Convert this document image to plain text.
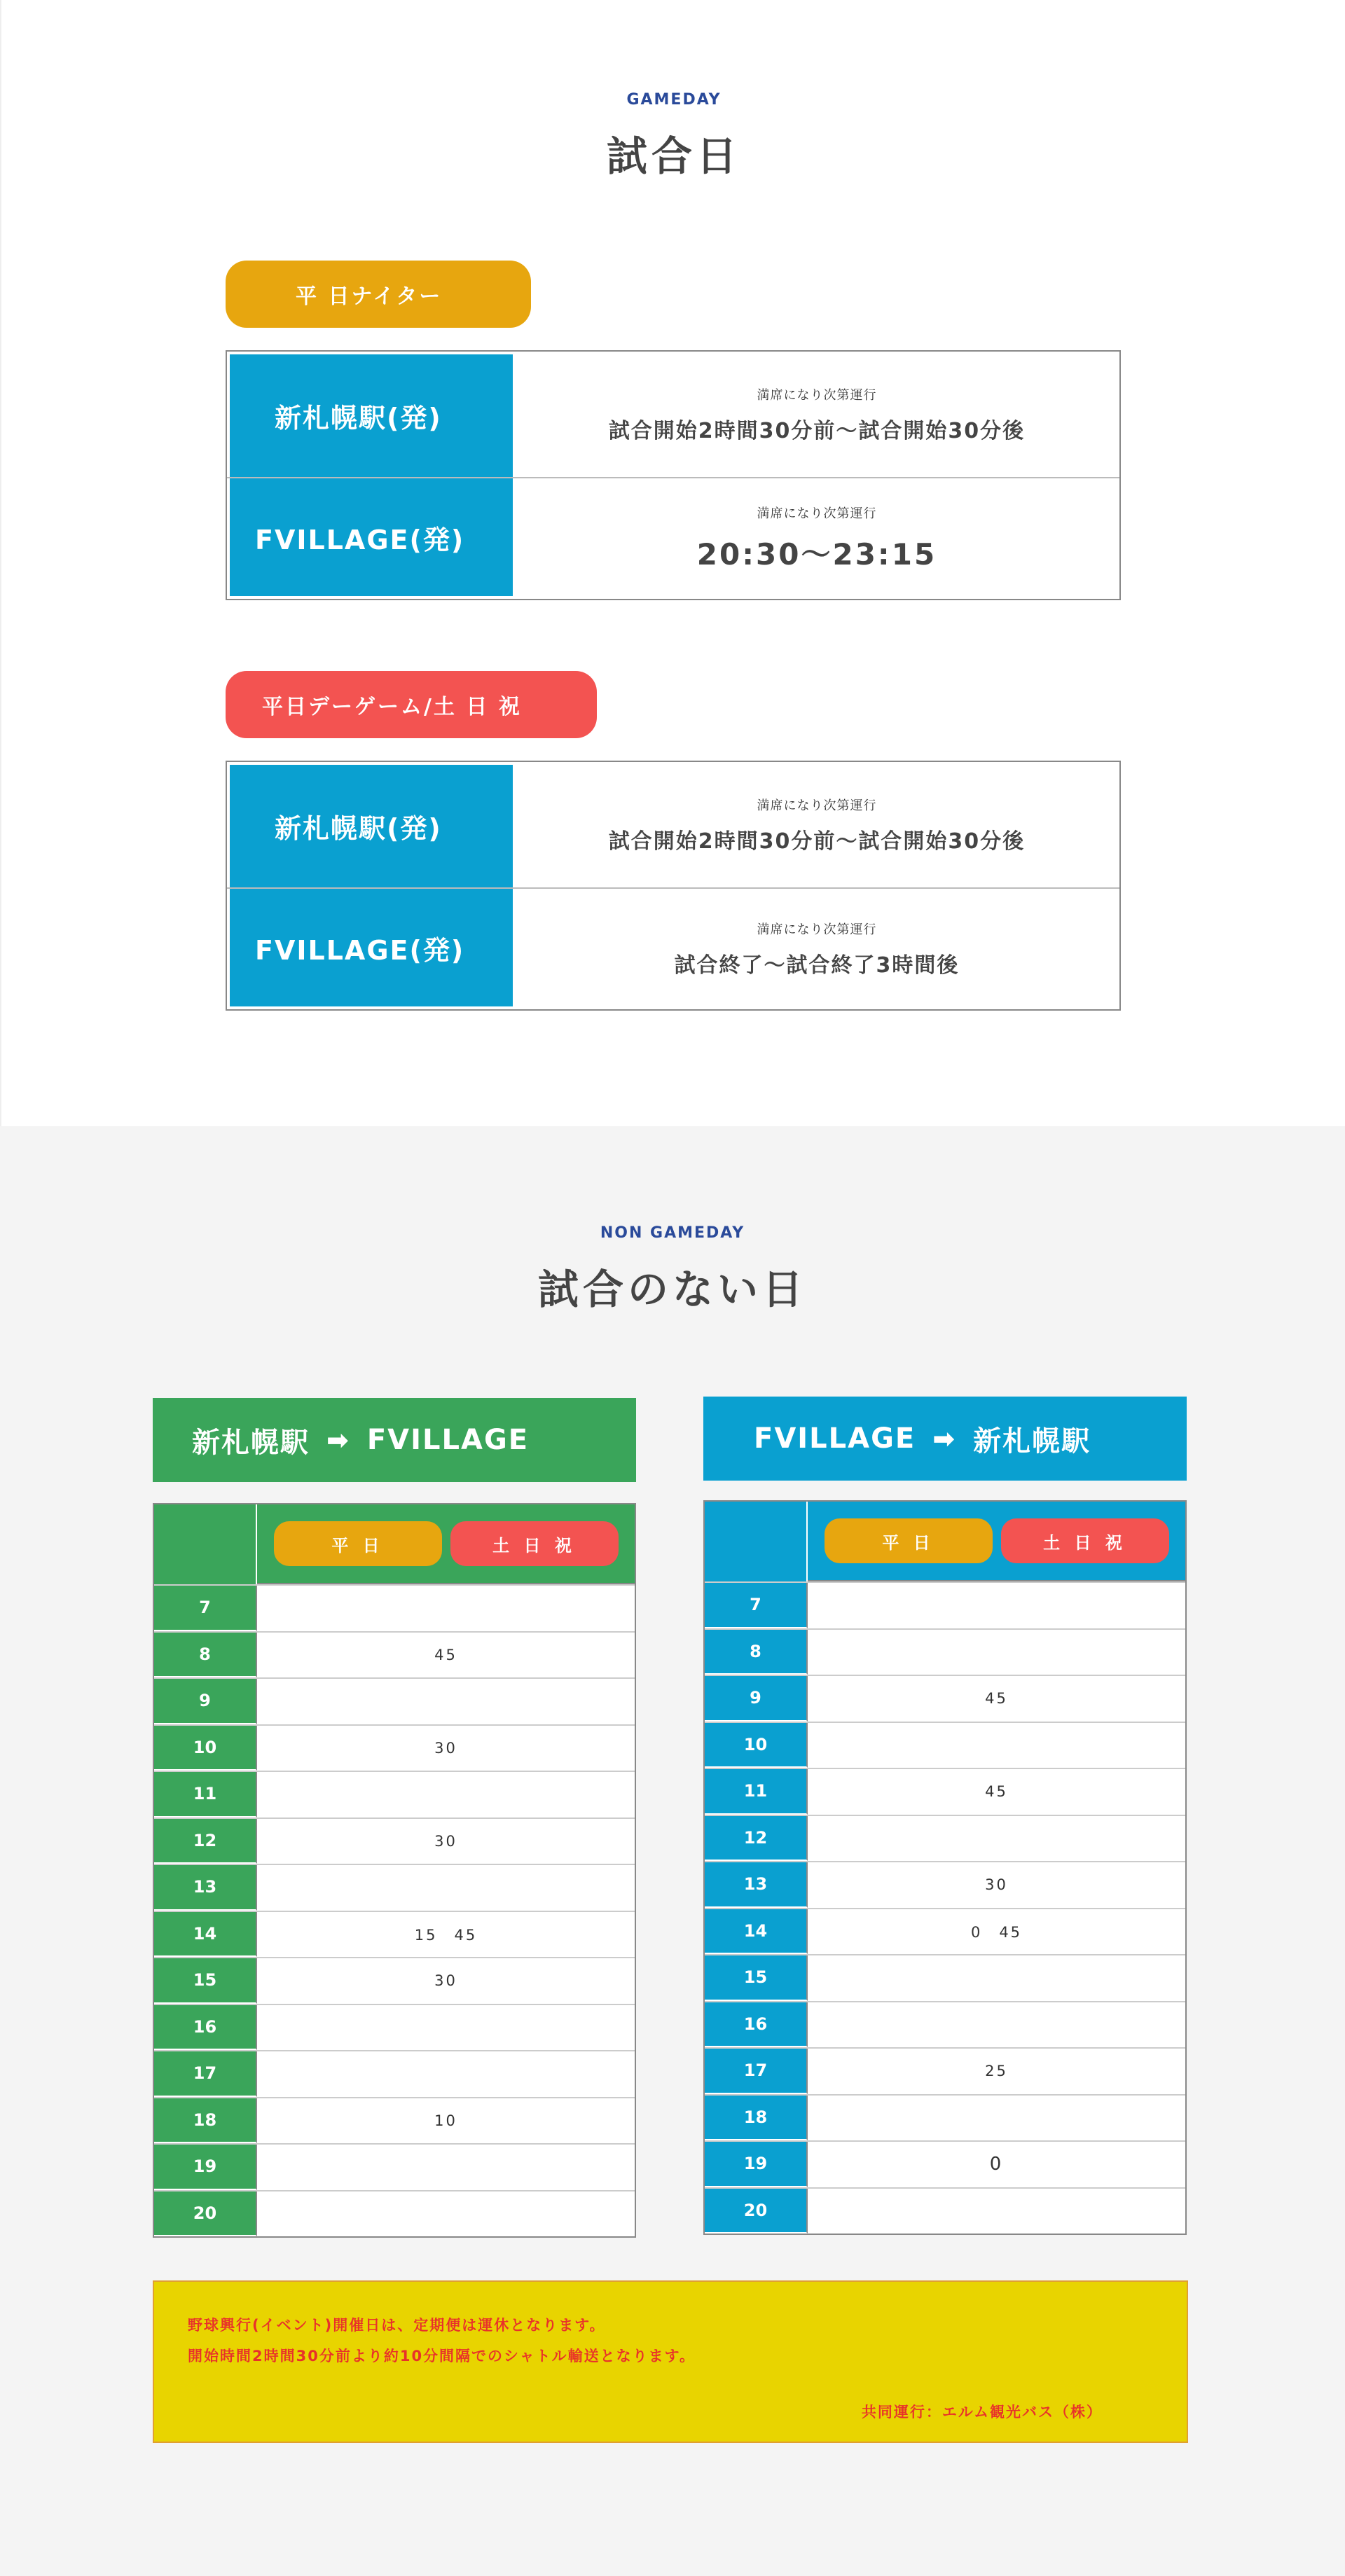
GAMEDAY
試合日
平 日ナイター
新札幌駅(発)
満席になり次第運行
試合開始2時間30分前～試合開始30分後
FVILLAGE(発)
満席になり次第運行
20:30～23:15
平日デーゲーム/土 日 祝
新札幌駅(発)
満席になり次第運行
試合開始2時間30分前～試合開始30分後
FVILLAGE(発)
満席になり次第運行
試合終了～試合終了3時間後
NON GAMEDAY
試合のない日
新札幌駅 ➡ FVILLAGE	FVILLAGE ➡ 新札幌駅
平 日	土 日 祝
7
8	45
9
10	30
11
12	30
13
14	15　45
15	30
16
17
18	10
19
20
平 日	土 日 祝
7
8
9	45
10
11	45
12
13	30
14	0　45
15
16
17	25
18
19	0
20
野球興行(イベント)開催日は、定期便は運休となります。
開始時間2時間30分前より約10分間隔でのシャトル輸送となります。
共同運行：エルム観光バス（株）
